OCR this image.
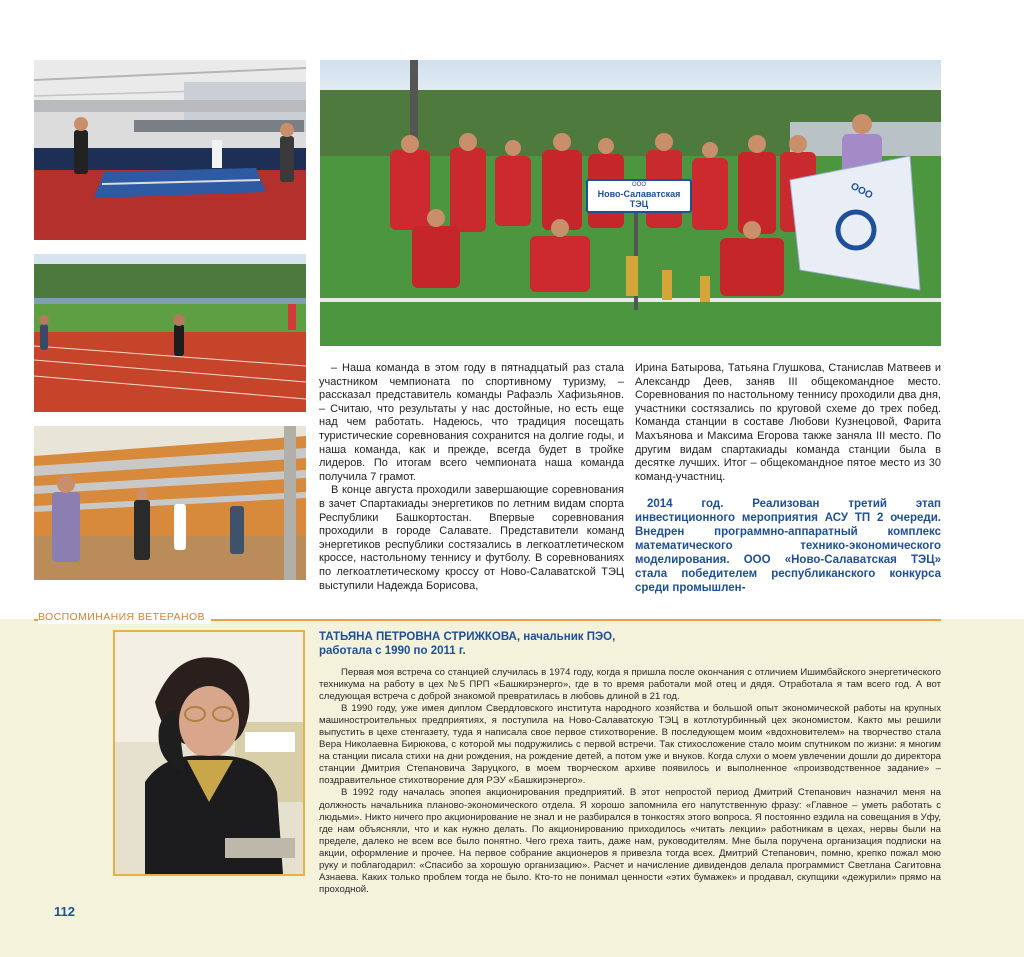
ООО
ООО
Ново-Салаватская
ТЭЦ

– Наша команда в этом году в пятнадцатый раз стала участником чемпионата по спортивному туризму, – рассказал представитель команды Рафаэль Хафизьянов. – Считаю, что результаты у нас достойные, но есть еще над чем работать. Надеюсь, что традиция посещать туристические соревнования сохранится на долгие годы, и наша команда, как и прежде, всегда будет в тройке лидеров. По итогам всего чемпионата наша команда получила 7 грамот.

В конце августа проходили завершающие соревнования в зачет Спартакиады энергетиков по летним видам спорта Республики Башкортостан. Впервые соревнования проходили в городе Салавате. Представители команд энергетиков республики состязались в легкоатлетическом кроссе, настольному теннису и футболу. В соревнованиях по легкоатлетическому кроссу от Ново-Салаватской ТЭЦ выступили Надежда Борисова,

Ирина Батырова, Татьяна Глушкова, Станислав Матвеев и Александр Деев, заняв III общекомандное место. Соревнования по настольному теннису проходили два дня, участники состязались по круговой схеме до трех побед. Команда станции в составе Любови Кузнецовой, Фарита Махъянова и Максима Егорова также заняла III место. По другим видам спартакиады команда станции была в десятке лучших. Итог – общекомандное пятое место из 30 команд-участниц.

2014 год. Реализован третий этап инвестиционного мероприятия АСУ ТП 2 очереди. Внедрен программно-аппаратный комплекс математического технико-экономического моделирования. ООО «Ново-Салаватская ТЭЦ» стала победителем республиканского конкурса среди промышлен-

ВОСПОМИНАНИЯ ВЕТЕРАНОВ
ТАТЬЯНА ПЕТРОВНА СТРИЖКОВА, начальник ПЭО,
работала с 1990 по 2011 г.

Первая моя встреча со станцией случилась в 1974 году, когда я пришла после окончания с отличием Ишимбайского энергетического техникума на работу в цех №5 ПРП «Башкирэнерго», где в то время работали мой отец и дядя. Отработала я там всего год. А вот следующая встреча с доброй знакомой превратилась в любовь длиной в 21 год.

В 1990 году, уже имея диплом Свердловского института народного хозяйства и большой опыт экономической работы на крупных машиностроительных предприятиях, я поступила на Ново-Салаватскую ТЭЦ в котлотурбинный цех экономистом. Както мы решили выпустить в цехе стенгазету, туда я написала свое первое стихотворение. В последующем моим «вдохновителем» на творчество стала Вера Николаевна Бирюкова, с которой мы подружились с первой встречи. Так стихосложение стало моим спутником по жизни: я многим на станции писала стихи на дни рождения, на рождение детей, а потом уже и внуков. Когда слухи о моем увлечении дошли до директора станции Дмитрия Степановича Заруцкого, в моем творческом архиве появилось и выполненное «производственное задание» – поздравительное стихотворение для РЭУ «Башкирэнерго».

В 1992 году началась эпопея акционирования предприятий. В этот непростой период Дмитрий Степанович назначил меня на должность начальника планово-экономического отдела. Я хорошо запомнила его напутственную фразу: «Главное – уметь работать с людьми». Никто ничего про акционирование не знал и не разбирался в тонкостях этого вопроса. Я постоянно ездила на совещания в Уфу, где нам объясняли, что и как нужно делать. По акционированию приходилось «читать лекции» работникам в цехах, нервы были на пределе, далеко не всем все было понятно. Чего греха таить, даже нам, руководителям. Мне была поручена организация подписки на акции, оформление и прочее. На первое собрание акционеров я привезла тогда всех. Дмитрий Степанович, помню, крепко пожал мою руку и поблагодарил: «Спасибо за хорошую организацию». Расчет и начисление дивидендов делала программист Светлана Сагитовна Азнаева. Каких только проблем тогда не было. Кто-то не понимал ценности «этих бумажек» и продавал, скупщики «дежурили» прямо на проходной.

112
